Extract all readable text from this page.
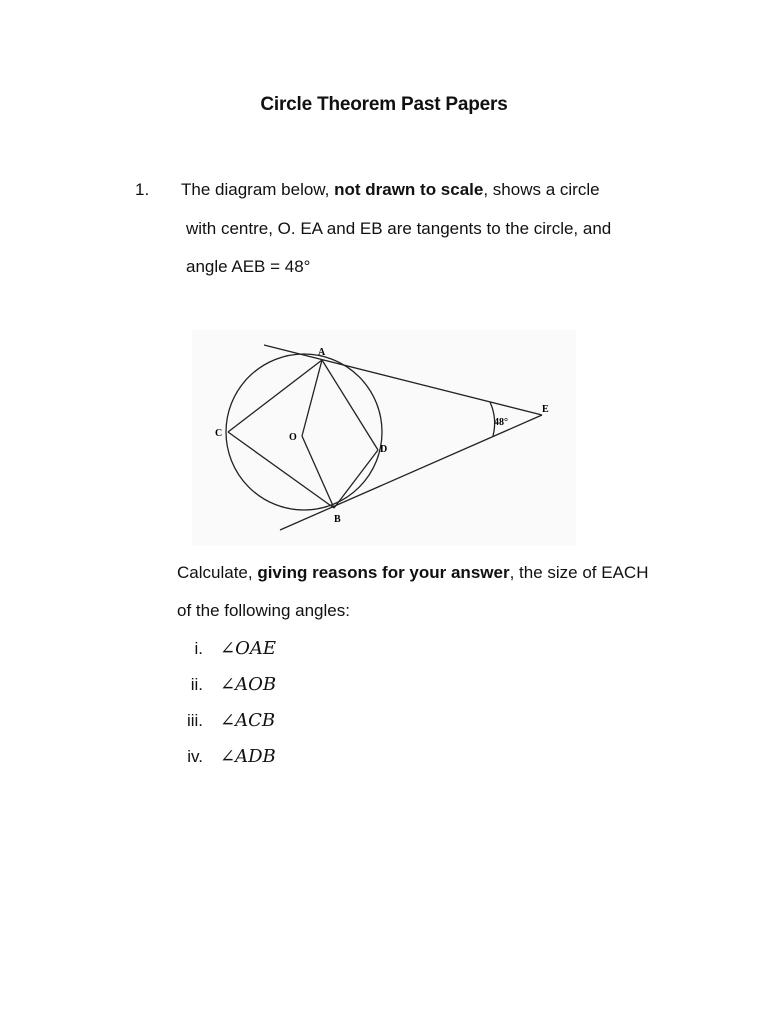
Circle Theorem Past Papers
1. The diagram below, not drawn to scale, shows a circle
with centre, O. EA and EB are tangents to the circle, and
angle AEB = 48°
A
B
C
D
E
O
48°
Calculate, giving reasons for your answer, the size of EACH
of the following angles:
i. ∠OAE
ii. ∠AOB
iii. ∠ACB
iv. ∠ADB
